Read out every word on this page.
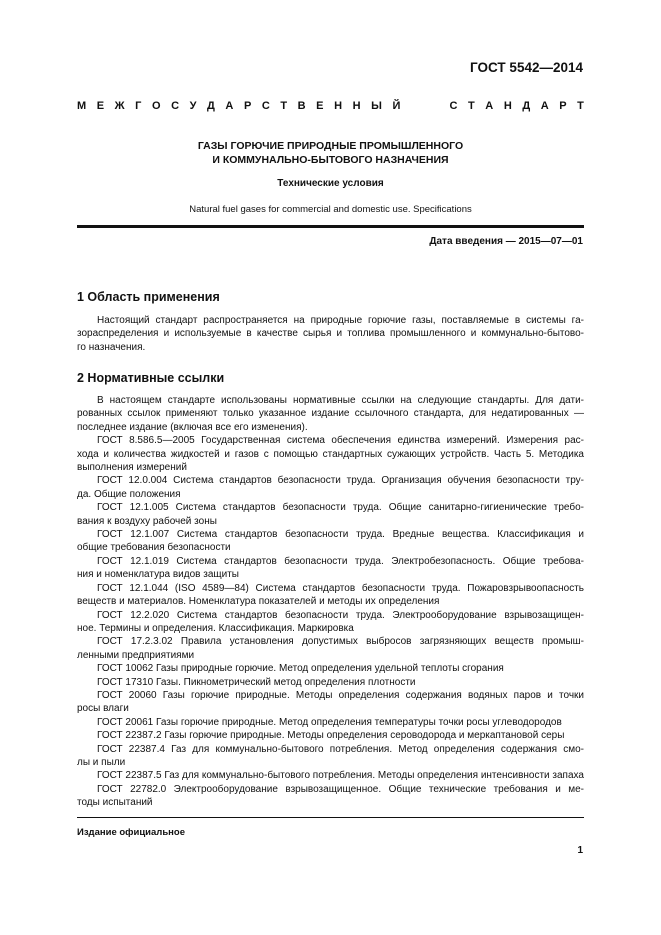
ГОСТ 5542—2014
М Е Ж Г О С У Д А Р С Т В Е Н Н Ы Й	С Т А Н Д А Р Т
ГАЗЫ ГОРЮЧИЕ ПРИРОДНЫЕ ПРОМЫШЛЕННОГО
И КОММУНАЛЬНО-БЫТОВОГО НАЗНАЧЕНИЯ
Технические условия
Natural fuel gases for commercial and domestic use. Specifications
Дата введения — 2015—07—01
1 Область применения
Настоящий стандарт распространяется на природные горючие газы, поставляемые в системы га-
зораспределения и используемые в качестве сырья и топлива промышленного и коммунально-бытово-
го назначения.
2 Нормативные ссылки
В настоящем стандарте использованы нормативные ссылки на следующие стандарты. Для дати-
рованных ссылок применяют только указанное издание ссылочного стандарта, для недатированных —
последнее издание (включая все его изменения).
ГОСТ 8.586.5—2005 Государственная система обеспечения единства измерений. Измерения рас-
хода и количества жидкостей и газов с помощью стандартных сужающих устройств. Часть 5. Методика
выполнения измерений
ГОСТ 12.0.004 Система стандартов безопасности труда. Организация обучения безопасности тру-
да. Общие положения
ГОСТ 12.1.005 Система стандартов безопасности труда. Общие санитарно-гигиенические требо-
вания к воздуху рабочей зоны
ГОСТ 12.1.007 Система стандартов безопасности труда. Вредные вещества. Классификация и
общие требования безопасности
ГОСТ 12.1.019 Система стандартов безопасности труда. Электробезопасность. Общие требова-
ния и номенклатура видов защиты
ГОСТ 12.1.044 (ISO 4589—84) Система стандартов безопасности труда. Пожаровзрывоопасность
веществ и материалов. Номенклатура показателей и методы их определения
ГОСТ 12.2.020 Система стандартов безопасности труда. Электрооборудование взрывозащищен-
ное. Термины и определения. Классификация. Маркировка
ГОСТ 17.2.3.02 Правила установления допустимых выбросов загрязняющих веществ промыш-
ленными предприятиями
ГОСТ 10062 Газы природные горючие. Метод определения удельной теплоты сгорания
ГОСТ 17310 Газы. Пикнометрический метод определения плотности
ГОСТ 20060 Газы горючие природные. Методы определения содержания водяных паров и точки
росы влаги
ГОСТ 20061 Газы горючие природные. Метод определения температуры точки росы углеводородов
ГОСТ 22387.2 Газы горючие природные. Методы определения сероводорода и меркаптановой серы
ГОСТ 22387.4 Газ для коммунально-бытового потребления. Метод определения содержания смо-
лы и пыли
ГОСТ 22387.5 Газ для коммунально-бытового потребления. Методы определения интенсивности запаха
ГОСТ 22782.0 Электрооборудование взрывозащищенное. Общие технические требования и ме-
тоды испытаний
Издание официальное
1
